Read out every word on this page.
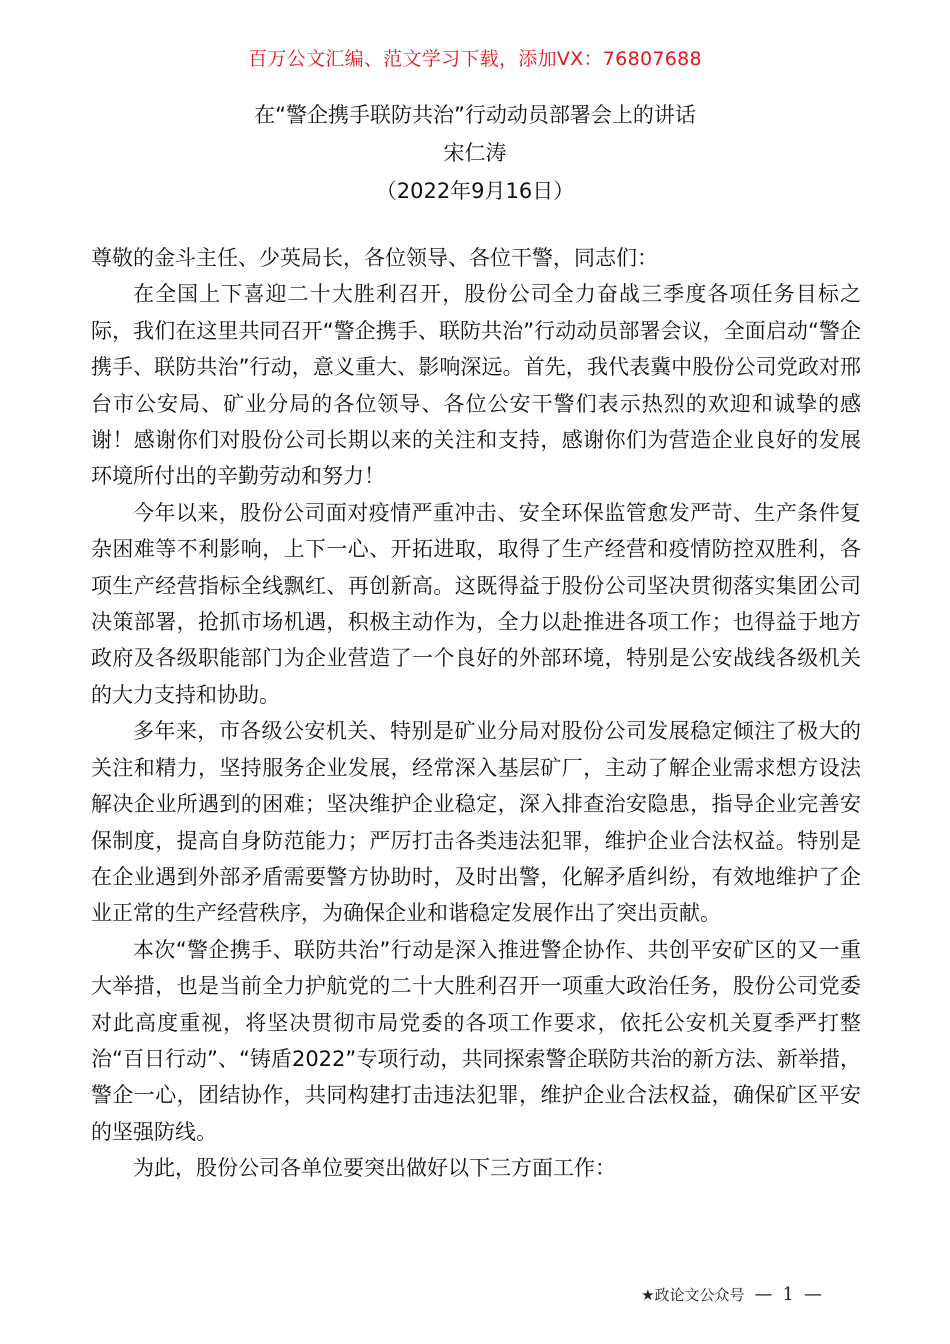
百万公文汇编、范文学习下载，添加VX：76807688
在“警企携手联防共治”行动动员部署会上的讲话
宋仁涛
（2022年9月16日）

尊敬的金斗主任、少英局长，各位领导、各位干警，同志们：

在全国上下喜迎二十大胜利召开，股份公司全力奋战三季度各项任务目标之际，我们在这里共同召开“警企携手、联防共治”行动动员部署会议，全面启动“警企携手、联防共治”行动，意义重大、影响深远。首先，我代表冀中股份公司党政对邢台市公安局、矿业分局的各位领导、各位公安干警们表示热烈的欢迎和诚挚的感谢！感谢你们对股份公司长期以来的关注和支持，感谢你们为营造企业良好的发展环境所付出的辛勤劳动和努力！

今年以来，股份公司面对疫情严重冲击、安全环保监管愈发严苛、生产条件复杂困难等不利影响，上下一心、开拓进取，取得了生产经营和疫情防控双胜利，各项生产经营指标全线飘红、再创新高。这既得益于股份公司坚决贯彻落实集团公司决策部署，抢抓市场机遇，积极主动作为，全力以赴推进各项工作；也得益于地方政府及各级职能部门为企业营造了一个良好的外部环境，特别是公安战线各级机关的大力支持和协助。

多年来，市各级公安机关、特别是矿业分局对股份公司发展稳定倾注了极大的关注和精力，坚持服务企业发展，经常深入基层矿厂，主动了解企业需求想方设法解决企业所遇到的困难；坚决维护企业稳定，深入排查治安隐患，指导企业完善安保制度，提高自身防范能力；严厉打击各类违法犯罪，维护企业合法权益。特别是在企业遇到外部矛盾需要警方协助时，及时出警，化解矛盾纠纷，有效地维护了企业正常的生产经营秩序，为确保企业和谐稳定发展作出了突出贡献。

本次“警企携手、联防共治”行动是深入推进警企协作、共创平安矿区的又一重大举措，也是当前全力护航党的二十大胜利召开一项重大政治任务，股份公司党委对此高度重视，将坚决贯彻市局党委的各项工作要求，依托公安机关夏季严打整治“百日行动”、“铸盾2022”专项行动，共同探索警企联防共治的新方法、新举措，警企一心，团结协作，共同构建打击违法犯罪，维护企业合法权益，确保矿区平安的坚强防线。

为此，股份公司各单位要突出做好以下三方面工作：

★政论文公众号 — 1 —
